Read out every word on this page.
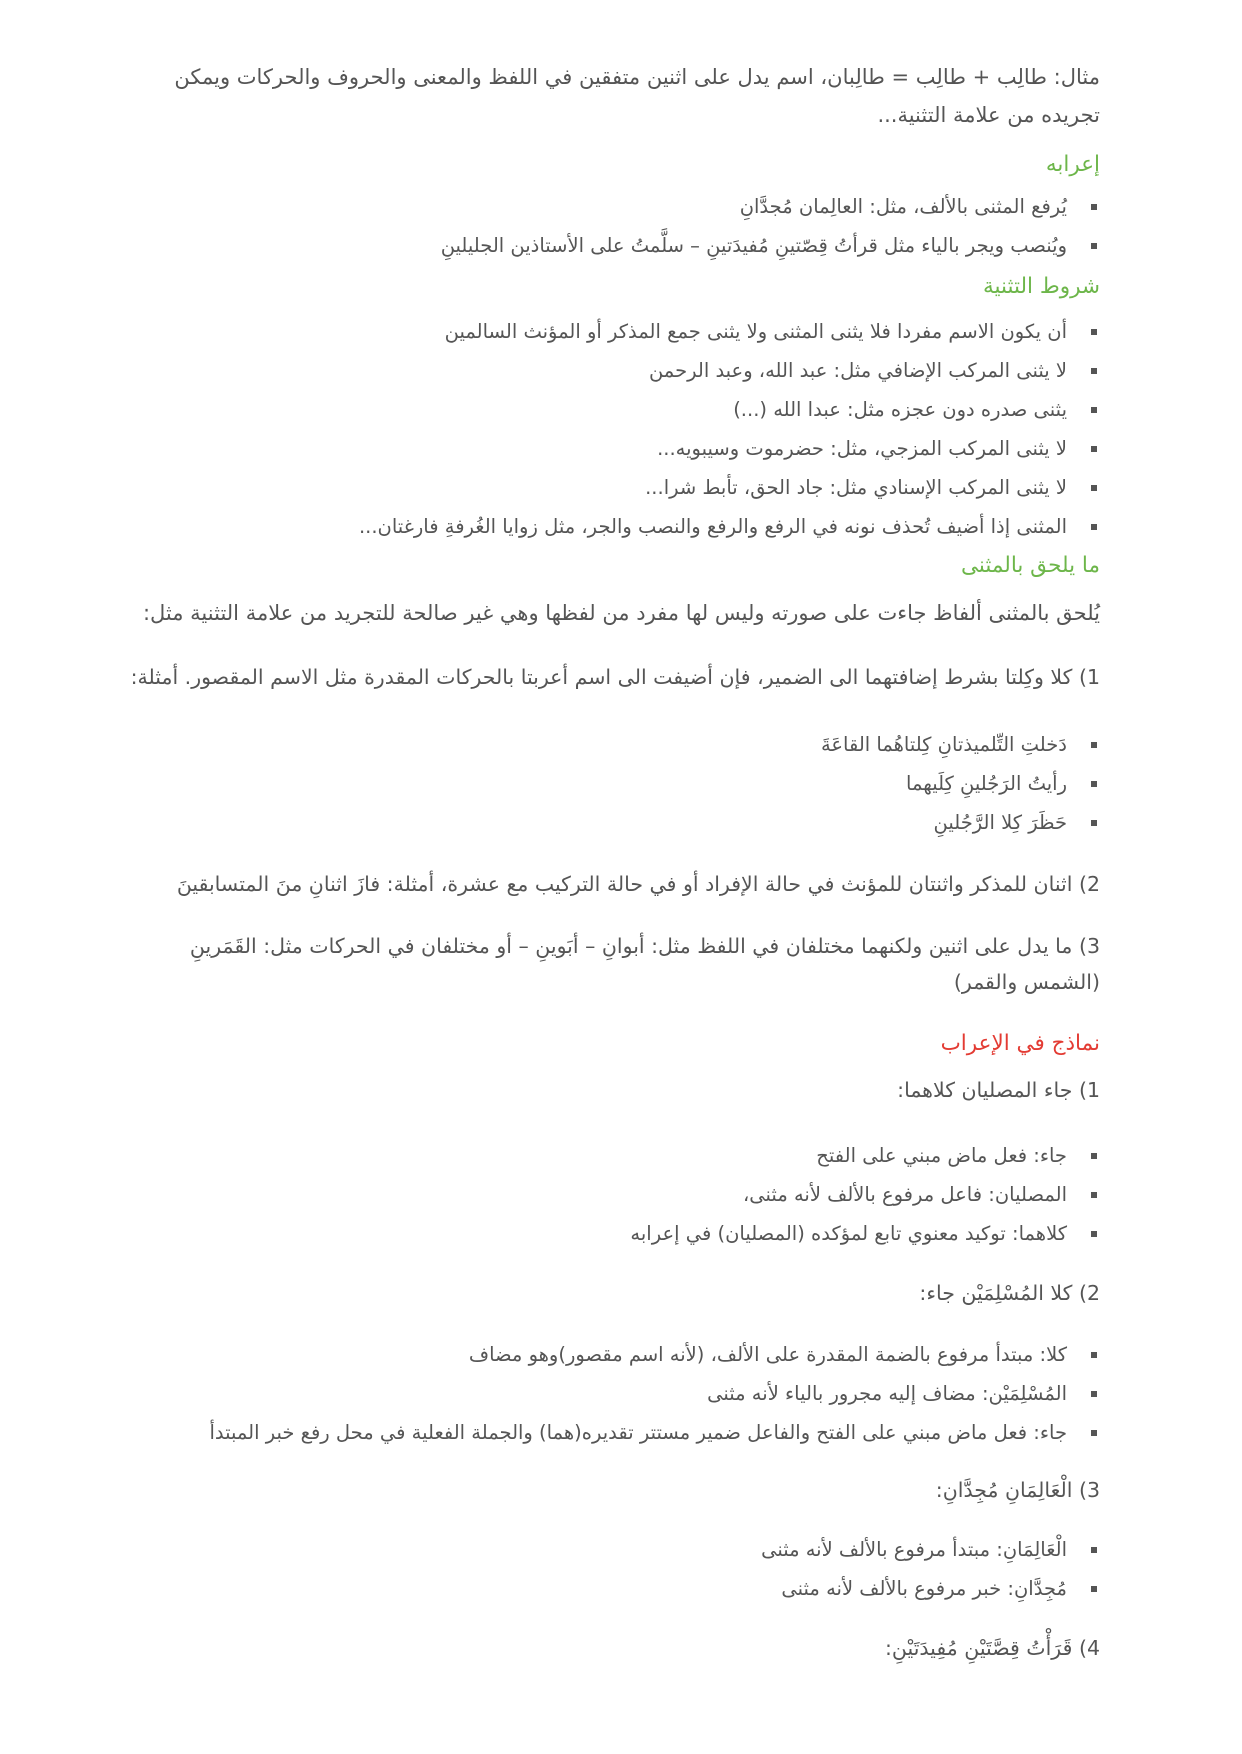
مثال: طالِب + طالِب = طالِبان، اسم يدل على اثنين متفقين في اللفظ والمعنى والحروف والحركات ويمكن تجريده من علامة التثنية...

إعرابه
يُرفع المثنى بالألف، مثل: العالِمان مُجدَّانِ
ويُنصب ويجر بالياء مثل قرأتُ قِصّتينِ مُفيدَتينِ – سلَّمتُ على الأستاذين الجليلينِ
شروط التثنية
أن يكون الاسم مفردا فلا يثنى المثنى ولا يثنى جمع المذكر أو المؤنث السالمين
لا يثنى المركب الإضافي مثل: عبد الله، وعبد الرحمن
يثنى صدره دون عجزه مثل: عبدا الله (...)
لا يثنى المركب المزجي، مثل: حضرموت وسيبويه...
لا يثنى المركب الإسنادي مثل: جاد الحق، تأبط شرا...
المثنى إذا أضيف تُحذف نونه في الرفع والرفع والنصب والجر، مثل زوايا الغُرفةِ فارغتان...
ما يلحق بالمثنى

يُلحق بالمثنى ألفاظ جاءت على صورته وليس لها مفرد من لفظها وهي غير صالحة للتجريد من علامة التثنية مثل:

1) كلا وكِلتا بشرط إضافتهما الى الضمير، فإن أضيفت الى اسم أعربتا بالحركات المقدرة مثل الاسم المقصور. أمثلة:

دَخلتِ التِّلميذتانِ كِلتاهُما القاعَةَ
رأيتُ الرَجُلينِ كِلَيهما
حَظَرَ كِلا الرَّجُلينِ

2) اثنان للمذكر واثنتان للمؤنث في حالة الإفراد أو في حالة التركيب مع عشرة، أمثلة: فازَ اثنانِ منَ المتسابقينَ

3) ما يدل على اثنين ولكنهما مختلفان في اللفظ مثل: أبوانِ – أبَوينِ – أو مختلفان في الحركات مثل: القَمَرينِ (الشمس والقمر)

نماذج في الإعراب

1) جاء المصليان كلاهما:

جاء: فعل ماض مبني على الفتح
المصليان: فاعل مرفوع بالألف لأنه مثنى،
كلاهما: توكيد معنوي تابع لمؤكده (المصليان) في إعرابه

2) كلا المُسْلِمَيْن جاء:

كلا: مبتدأ مرفوع بالضمة المقدرة على الألف، (لأنه اسم مقصور)وهو مضاف
المُسْلِمَيْن: مضاف إليه مجرور بالياء لأنه مثنى
جاء: فعل ماض مبني على الفتح والفاعل ضمير مستتر تقديره(هما) والجملة الفعلية في محل رفع خبر المبتدأ

3) الْعَالِمَانِ مُجِدَّانِ:

الْعَالِمَانِ: مبتدأ مرفوع بالألف لأنه مثنى
مُجِدَّانِ: خبر مرفوع بالألف لأنه مثنى

4) قَرَأْتُ قِصَّتَيْنِ مُفِيدَتَيْنِ:
